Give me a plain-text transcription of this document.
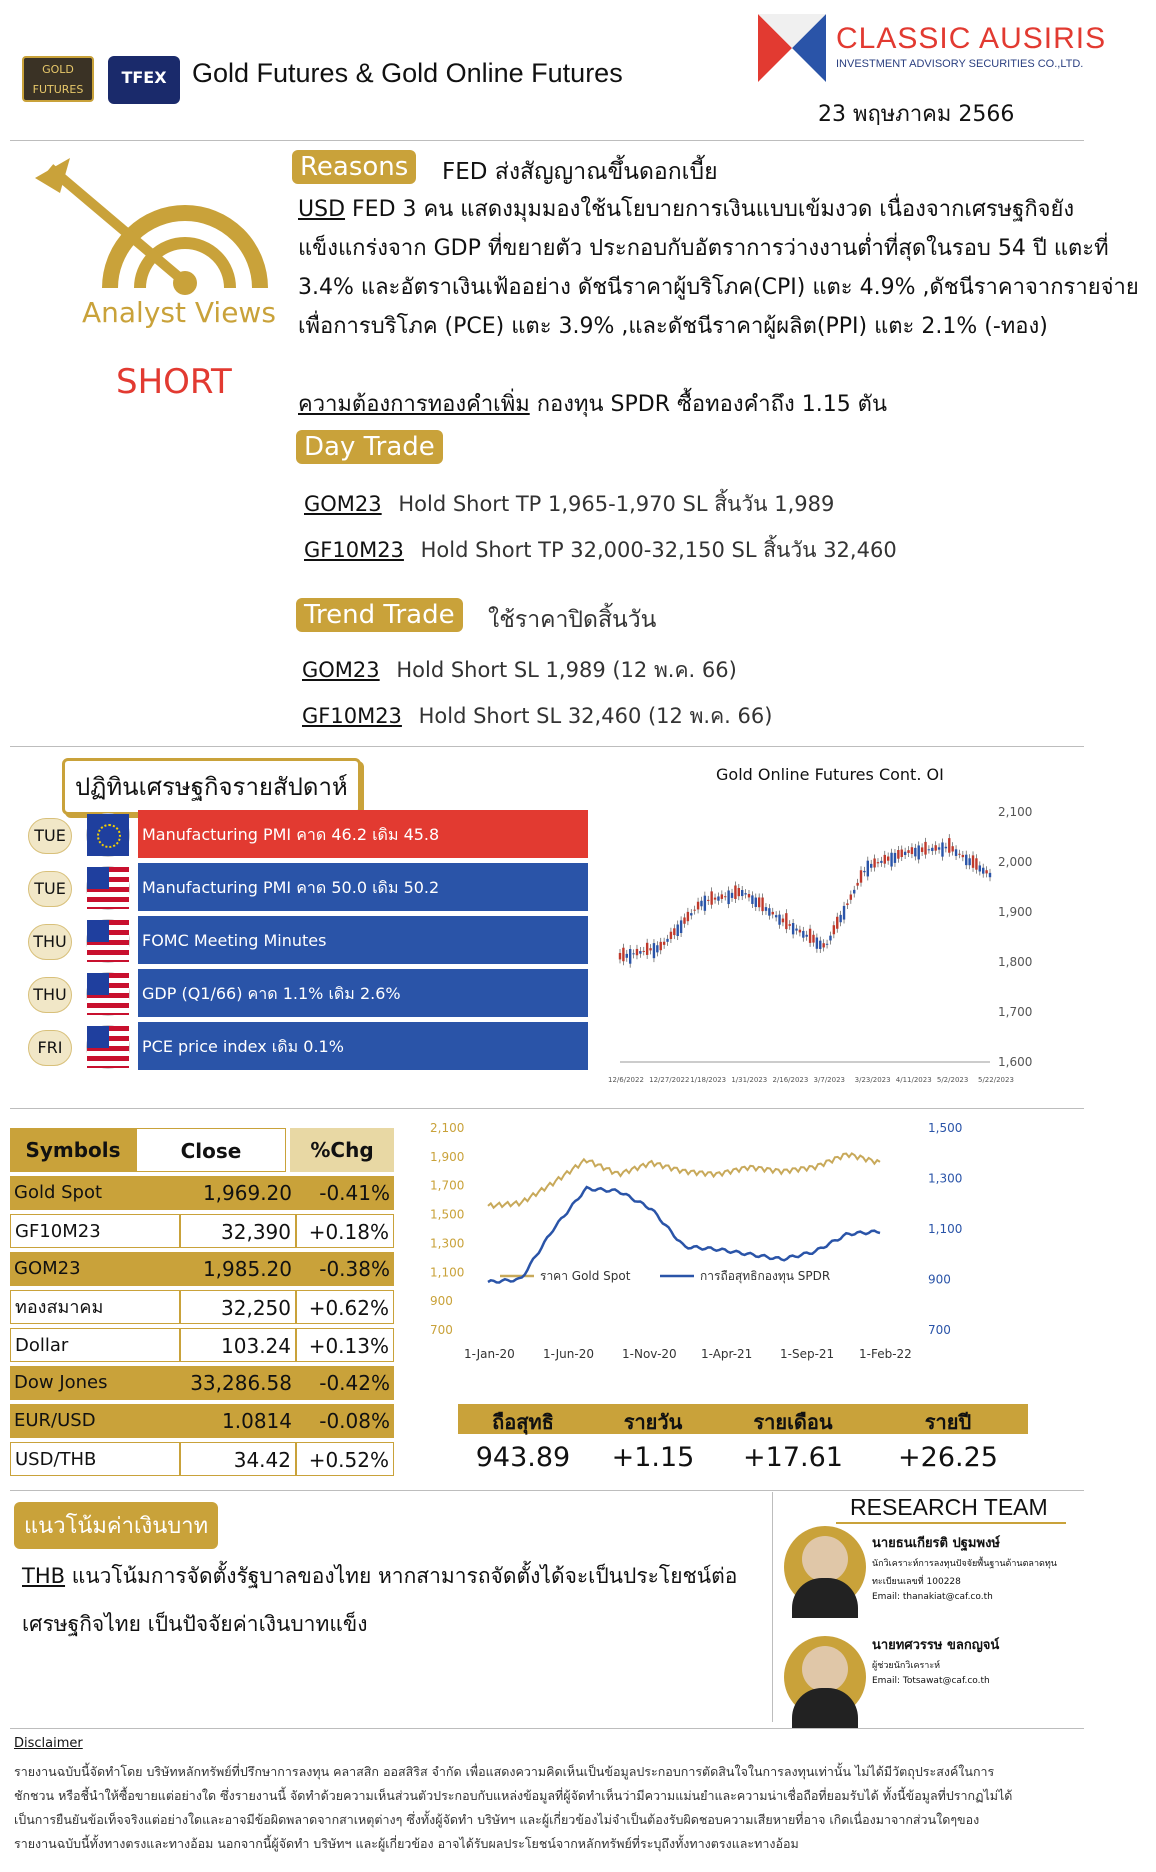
GOLD FUTURES
TFEX Gold Futures & Gold Online Futures
CLASSIC AUSIRIS
INVESTMENT ADVISORY SECURITIES CO.,LTD.
23 พฤษภาคม 2566
Analyst Views
SHORT
Reasons	FED ส่งสัญญาณขึ้นดอกเบี้ย
USD FED 3 คน แสดงมุมมองใช้นโยบายการเงินแบบเข้มงวด เนื่องจากเศรษฐกิจยังแข็งแกร่งจาก GDP ที่ขยายตัว ประกอบกับอัตราการว่างงานต่ำที่สุดในรอบ 54 ปี แตะที่ 3.4% และอัตราเงินเฟ้ออย่าง ดัชนีราคาผู้บริโภค(CPI) แตะ 4.9% ,ดัชนีราคาจากรายจ่ายเพื่อการบริโภค (PCE) แตะ 3.9% ,และดัชนีราคาผู้ผลิต(PPI) แตะ 2.1% (-ทอง)
ความต้องการทองคำเพิ่ม กองทุน SPDR ซื้อทองคำถึง 1.15 ตัน
Day Trade
GOM23 Hold Short TP 1,965-1,970 SL สิ้นวัน 1,989
GF10M23 Hold Short TP 32,000-32,150 SL สิ้นวัน 32,460
Trend Trade	ใช้ราคาปิดสิ้นวัน
GOM23 Hold Short SL 1,989 (12 พ.ค. 66)
GF10M23 Hold Short SL 32,460 (12 พ.ค. 66)
ปฏิทินเศรษฐกิจรายสัปดาห์
TUE	Manufacturing PMI คาด 46.2 เดิม 45.8
TUE	Manufacturing PMI คาด 50.0 เดิม 50.2
THU	FOMC Meeting Minutes
THU	GDP (Q1/66) คาด 1.1% เดิม 2.6%
FRI	PCE price index เดิม 0.1%
Gold Online Futures Cont. OI
2,100
2,000
1,900
1,800
1,700
1,600
12/6/2022 12/27/2022 1/18/2023 1/31/2023 2/16/2023 3/7/2023 3/23/2023 4/11/2023 5/2/2023 5/22/2023
Symbols	Close	%Chg
Gold Spot	1,969.20	-0.41%
GF10M23	32,390 +0.18%
GOM23	1,985.20	-0.38%
ทองสมาคม	32,250 +0.62%
Dollar	103.24 +0.13%
Dow Jones	33,286.58	-0.42%
EUR/USD	1.0814	-0.08%
USD/THB	34.42 +0.52%
2,100
1,900
1,700
1,500
1,300
1,100
900
700
1,500
1,300
1,100
900
700
1-Jan-20 1-Jun-20 1-Nov-20 1-Apr-21 1-Sep-21 1-Feb-22
ราคา Gold Spot	การถือสุทธิกองทุน SPDR
ถือสุทธิ	รายวัน	รายเดือน	รายปี
943.89	+1.15	+17.61	+26.25
แนวโน้มค่าเงินบาท
THB แนวโน้มการจัดตั้งรัฐบาลของไทย หากสามารถจัดตั้งได้จะเป็นประโยชน์ต่อ
เศรษฐกิจไทย เป็นปัจจัยค่าเงินบาทแข็ง
RESEARCH TEAM
นายธนเกียรติ ปฐมพงษ์
นักวิเคราะห์การลงทุนปัจจัยพื้นฐานด้านตลาดทุน
ทะเบียนเลขที่ 100228
Email: thanakiat@caf.co.th
นายทศวรรษ ขลกญจน์
ผู้ช่วยนักวิเคราะห์
Email: Totsawat@caf.co.th
Disclaimer
รายงานฉบับนี้จัดทำโดย บริษัทหลักทรัพย์ที่ปรึกษาการลงทุน คลาสสิก ออสสิริส จำกัด เพื่อแสดงความคิดเห็นเป็นข้อมูลประกอบการตัดสินใจในการลงทุนเท่านั้น ไม่ได้มีวัตถุประสงค์ในการ
ชักชวน หรือชี้นำให้ซื้อขายแต่อย่างใด ซึ่งรายงานนี้ จัดทำด้วยความเห็นส่วนตัวประกอบกับแหล่งข้อมูลที่ผู้จัดทำเห็นว่ามีความแม่นยำและความน่าเชื่อถือที่ยอมรับได้ ทั้งนี้ข้อมูลที่ปรากฏไม่ได้
เป็นการยืนยันข้อเท็จจริงแต่อย่างใดและอาจมีข้อผิดพลาดจากสาเหตุต่างๆ ซึ่งทั้งผู้จัดทำ บริษัทฯ และผู้เกี่ยวข้องไม่จำเป็นต้องรับผิดชอบความเสียหายที่อาจ เกิดเนื่องมาจากส่วนใดๆของ
รายงานฉบับนี้ทั้งทางตรงและทางอ้อม นอกจากนี้ผู้จัดทำ บริษัทฯ และผู้เกี่ยวข้อง อาจได้รับผลประโยชน์จากหลักทรัพย์ที่ระบุถึงทั้งทางตรงและทางอ้อม
